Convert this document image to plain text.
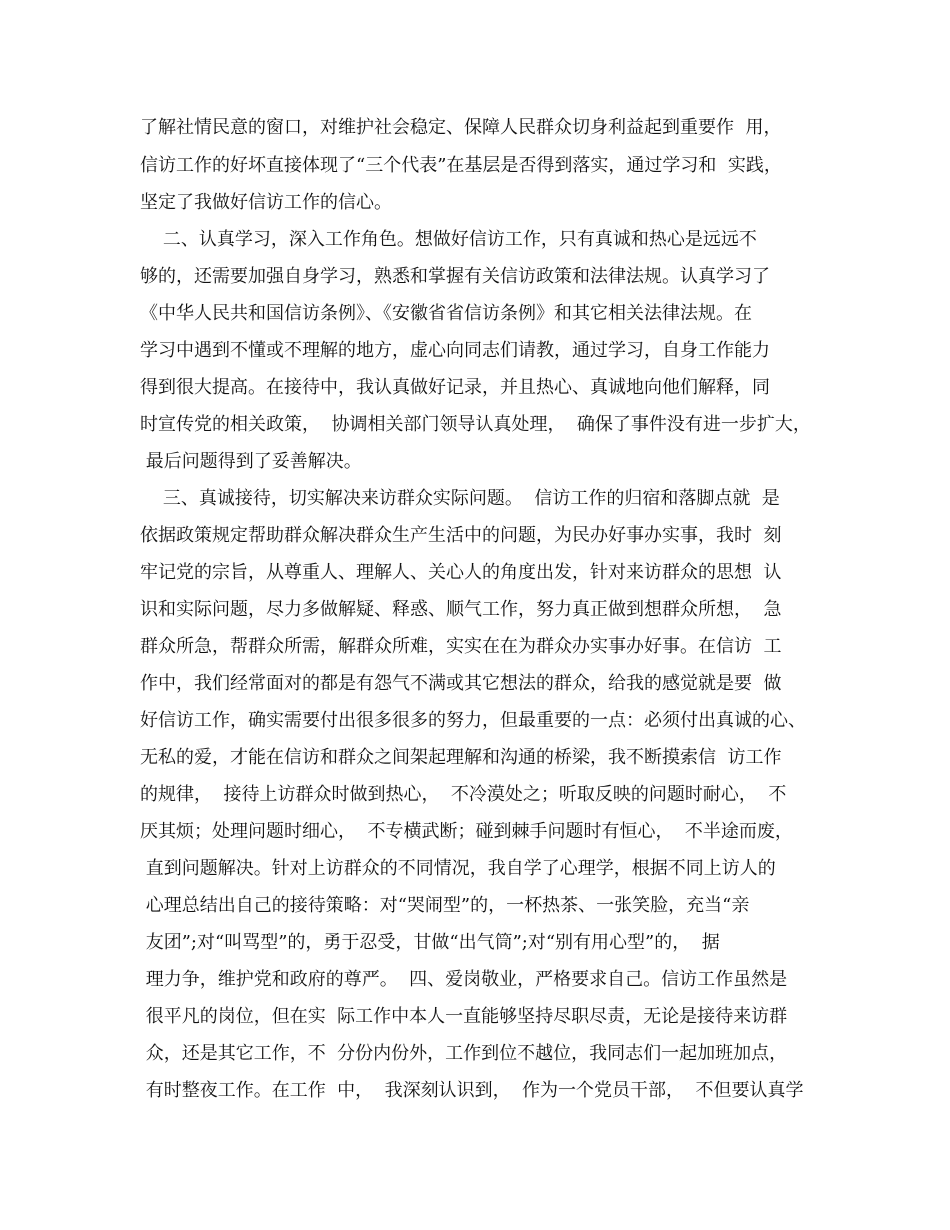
了解社情民意的窗口，对维护社会稳定、保障人民群众切身利益起到重要作  用，

信访工作的好坏直接体现了“三个代表”在基层是否得到落实，通过学习和  实践，

坚定了我做好信访工作的信心。

二、认真学习，深入工作角色。想做好信访工作，只有真诚和热心是远远不

够的，还需要加强自身学习，熟悉和掌握有关信访政策和法律法规。认真学习了

《中华人民共和国信访条例》、《安徽省省信访条例》和其它相关法律法规。在

学习中遇到不懂或不理解的地方，虚心向同志们请教，通过学习，自身工作能力

得到很大提高。在接待中，我认真做好记录，并且热心、真诚地向他们解释，同

时宣传党的相关政策，  协调相关部门领导认真处理，  确保了事件没有进一步扩大，

最后问题得到了妥善解决。

三、真诚接待，切实解决来访群众实际问题。  信访工作的归宿和落脚点就  是

依据政策规定帮助群众解决群众生产生活中的问题，为民办好事办实事，我时  刻

牢记党的宗旨，从尊重人、理解人、关心人的角度出发，针对来访群众的思想  认

识和实际问题，尽力多做解疑、释惑、顺气工作，努力真正做到想群众所想，  急

群众所急，帮群众所需，解群众所难，实实在在为群众办实事办好事。在信访  工

作中，我们经常面对的都是有怨气不满或其它想法的群众，给我的感觉就是要  做

好信访工作，确实需要付出很多很多的努力，但最重要的一点：必须付出真诚的心、

无私的爱，才能在信访和群众之间架起理解和沟通的桥梁，我不断摸索信  访工作

的规律，  接待上访群众时做到热心，  不冷漠处之；听取反映的问题时耐心，  不

厌其烦；处理问题时细心，  不专横武断；碰到棘手问题时有恒心，  不半途而废，

直到问题解决。针对上访群众的不同情况，我自学了心理学，根据不同上访人的

心理总结出自己的接待策略：对“哭闹型”的，一杯热茶、一张笑脸，充当“亲

友团”;对“叫骂型”的，勇于忍受，甘做“出气筒”;对“别有用心型”的，  据

理力争，维护党和政府的尊严。  四、爱岗敬业，严格要求自己。信访工作虽然是

很平凡的岗位，但在实  际工作中本人一直能够坚持尽职尽责，无论是接待来访群

众，还是其它工作，不  分份内份外，工作到位不越位，我同志们一起加班加点，

有时整夜工作。在工作  中，  我深刻认识到，  作为一个党员干部，  不但要认真学
